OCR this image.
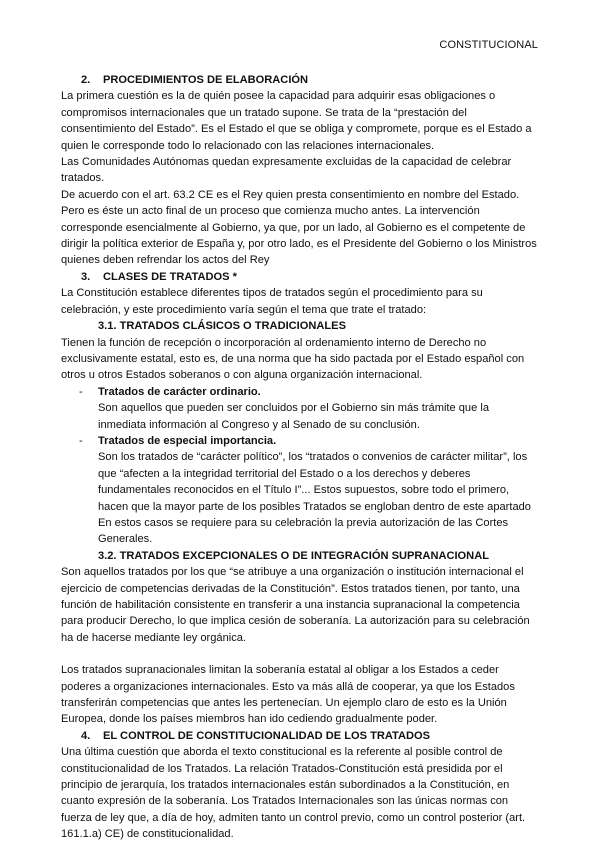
CONSTITUCIONAL
2.	PROCEDIMIENTOS DE ELABORACIÓN
La primera cuestión es la de quién posee la capacidad para adquirir esas obligaciones o compromisos internacionales que un tratado supone. Se trata de la “prestación del consentimiento del Estado”. Es el Estado el que se obliga y compromete, porque es el Estado a quien le corresponde todo lo relacionado con las relaciones internacionales.
Las Comunidades Autónomas quedan expresamente excluidas de la capacidad de celebrar tratados.
De acuerdo con el art. 63.2 CE es el Rey quien presta consentimiento en nombre del Estado. Pero es éste un acto final de un proceso que comienza mucho antes. La intervención corresponde esencialmente al Gobierno, ya que, por un lado, al Gobierno es el competente de dirigir la política exterior de España y, por otro lado, es el Presidente del Gobierno o los Ministros quienes deben refrendar los actos del Rey
3.	CLASES DE TRATADOS *
La Constitución establece diferentes tipos de tratados según el procedimiento para su celebración, y este procedimiento varía según el tema que trate el tratado:
3.1. TRATADOS CLÁSICOS O TRADICIONALES
Tienen la función de recepción o incorporación al ordenamiento interno de Derecho no exclusivamente estatal, esto es, de una norma que ha sido pactada por el Estado español con otros u otros Estados soberanos o con alguna organización internacional.
-	Tratados de carácter ordinario.
Son aquellos que pueden ser concluidos por el Gobierno sin más trámite que la inmediata información al Congreso y al Senado de su conclusión.
-	Tratados de especial importancia.
Son los tratados de “carácter político”, los “tratados o convenios de carácter militar”, los que “afecten a la integridad territorial del Estado o a los derechos y deberes fundamentales reconocidos en el Título I”... Estos supuestos, sobre todo el primero, hacen que la mayor parte de los posibles Tratados se engloban dentro de este apartado En estos casos se requiere para su celebración la previa autorización de las Cortes Generales.
3.2. TRATADOS EXCEPCIONALES O DE INTEGRACIÓN SUPRANACIONAL
Son aquellos tratados por los que “se atribuye a una organización o institución internacional el ejercicio de competencias derivadas de la Constitución”. Estos tratados tienen, por tanto, una función de habilitación consistente en transferir a una instancia supranacional la competencia para producir Derecho, lo que implica cesión de soberanía. La autorización para su celebración ha de hacerse mediante ley orgánica.
Los tratados supranacionales limitan la soberanía estatal al obligar a los Estados a ceder poderes a organizaciones internacionales. Esto va más allá de cooperar, ya que los Estados transferirán competencias que antes les pertenecían. Un ejemplo claro de esto es la Unión Europea, donde los países miembros han ido cediendo gradualmente poder.
4.	EL CONTROL DE CONSTITUCIONALIDAD DE LOS TRATADOS
Una última cuestión que aborda el texto constitucional es la referente al posible control de constitucionalidad de los Tratados. La relación Tratados-Constitución está presidida por el principio de jerarquía, los tratados internacionales están subordinados a la Constitución, en cuanto expresión de la soberanía. Los Tratados Internacionales son las únicas normas con fuerza de ley que, a día de hoy, admiten tanto un control previo, como un control posterior (art. 161.1.a) CE) de constitucionalidad.
